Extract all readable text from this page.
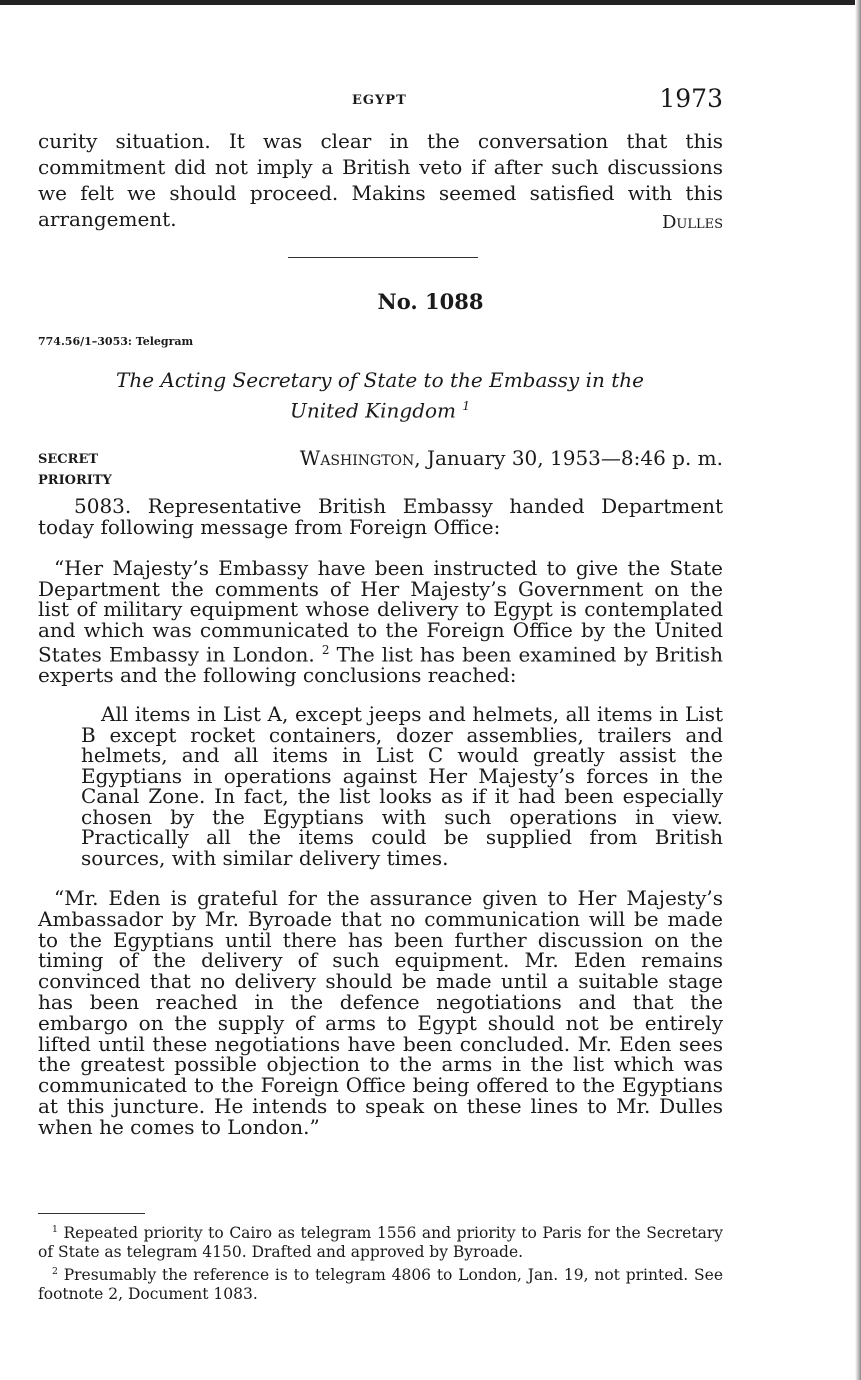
EGYPT	1973
curity situation. It was clear in the conversation that this commitment did not imply a British veto if after such discussions we felt we should proceed. Makins seemed satisfied with this arrangement.	Dulles
No. 1088
774.56/1–3053: Telegram
The Acting Secretary of State to the Embassy in the United Kingdom $^1$
SECRET
PRIORITY
Washington, January 30, 1953—8:46 p. m.
5083. Representative British Embassy handed Department today following message from Foreign Office:
“Her Majesty’s Embassy have been instructed to give the State Department the comments of Her Majesty’s Government on the list of military equipment whose delivery to Egypt is contemplated and which was communicated to the Foreign Office by the United States Embassy in London. $^2$ The list has been examined by British experts and the following conclusions reached:
All items in List A, except jeeps and helmets, all items in List B except rocket containers, dozer assemblies, trailers and helmets, and all items in List C would greatly assist the Egyptians in operations against Her Majesty’s forces in the Canal Zone. In fact, the list looks as if it had been especially chosen by the Egyptians with such operations in view. Practically all the items could be supplied from British sources, with similar delivery times.
“Mr. Eden is grateful for the assurance given to Her Majesty’s Ambassador by Mr. Byroade that no communication will be made to the Egyptians until there has been further discussion on the timing of the delivery of such equipment. Mr. Eden remains convinced that no delivery should be made until a suitable stage has been reached in the defence negotiations and that the embargo on the supply of arms to Egypt should not be entirely lifted until these negotiations have been concluded. Mr. Eden sees the greatest possible objection to the arms in the list which was communicated to the Foreign Office being offered to the Egyptians at this juncture. He intends to speak on these lines to Mr. Dulles when he comes to London.”

$^1$ Repeated priority to Cairo as telegram 1556 and priority to Paris for the Secretary of State as telegram 4150. Drafted and approved by Byroade.

$^2$ Presumably the reference is to telegram 4806 to London, Jan. 19, not printed. See footnote 2, Document 1083.
